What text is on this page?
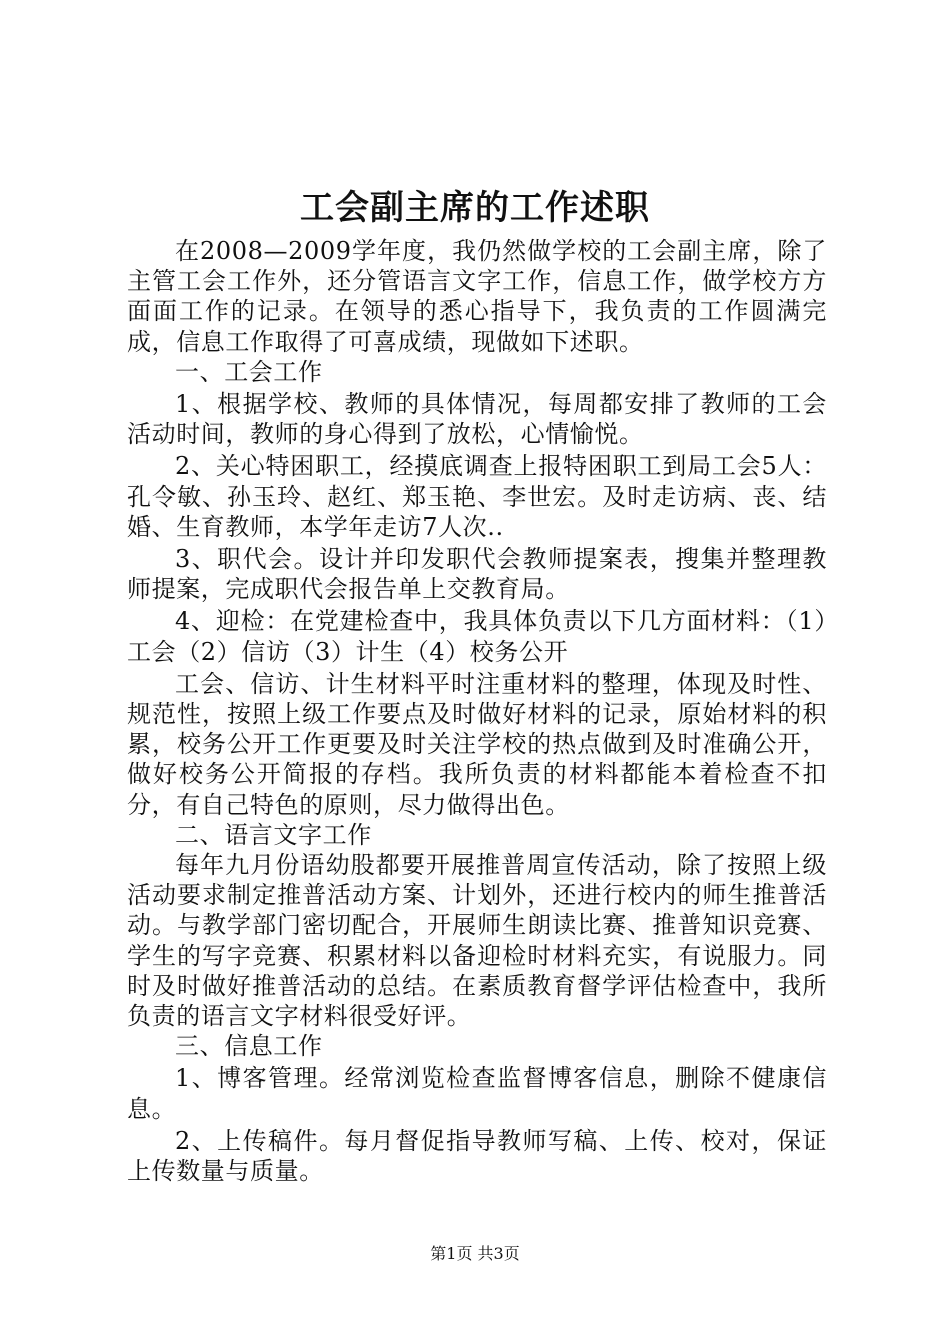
工会副主席的工作述职

在2008—2009学年度，我仍然做学校的工会副主席，除了主管工会工作外，还分管语言文字工作，信息工作，做学校方方面面工作的记录。在领导的悉心指导下，我负责的工作圆满完成，信息工作取得了可喜成绩，现做如下述职。

一、工会工作

1、根据学校、教师的具体情况，每周都安排了教师的工会活动时间，教师的身心得到了放松，心情愉悦。

2、关心特困职工，经摸底调查上报特困职工到局工会5人：孔令敏、孙玉玲、赵红、郑玉艳、李世宏。及时走访病、丧、结婚、生育教师，本学年走访7人次..

3、职代会。设计并印发职代会教师提案表，搜集并整理教师提案，完成职代会报告单上交教育局。

4、迎检：在党建检查中，我具体负责以下几方面材料：（1）工会（2）信访（3）计生（4）校务公开

工会、信访、计生材料平时注重材料的整理，体现及时性、规范性，按照上级工作要点及时做好材料的记录，原始材料的积累，校务公开工作更要及时关注学校的热点做到及时准确公开，做好校务公开简报的存档。我所负责的材料都能本着检查不扣分，有自己特色的原则，尽力做得出色。

二、语言文字工作

每年九月份语幼股都要开展推普周宣传活动，除了按照上级活动要求制定推普活动方案、计划外，还进行校内的师生推普活动。与教学部门密切配合，开展师生朗读比赛、推普知识竞赛、学生的写字竞赛、积累材料以备迎检时材料充实，有说服力。同时及时做好推普活动的总结。在素质教育督学评估检查中，我所负责的语言文字材料很受好评。

三、信息工作

1、博客管理。经常浏览检查监督博客信息，删除不健康信息。

2、上传稿件。每月督促指导教师写稿、上传、校对，保证上传数量与质量。

第1页 共3页
